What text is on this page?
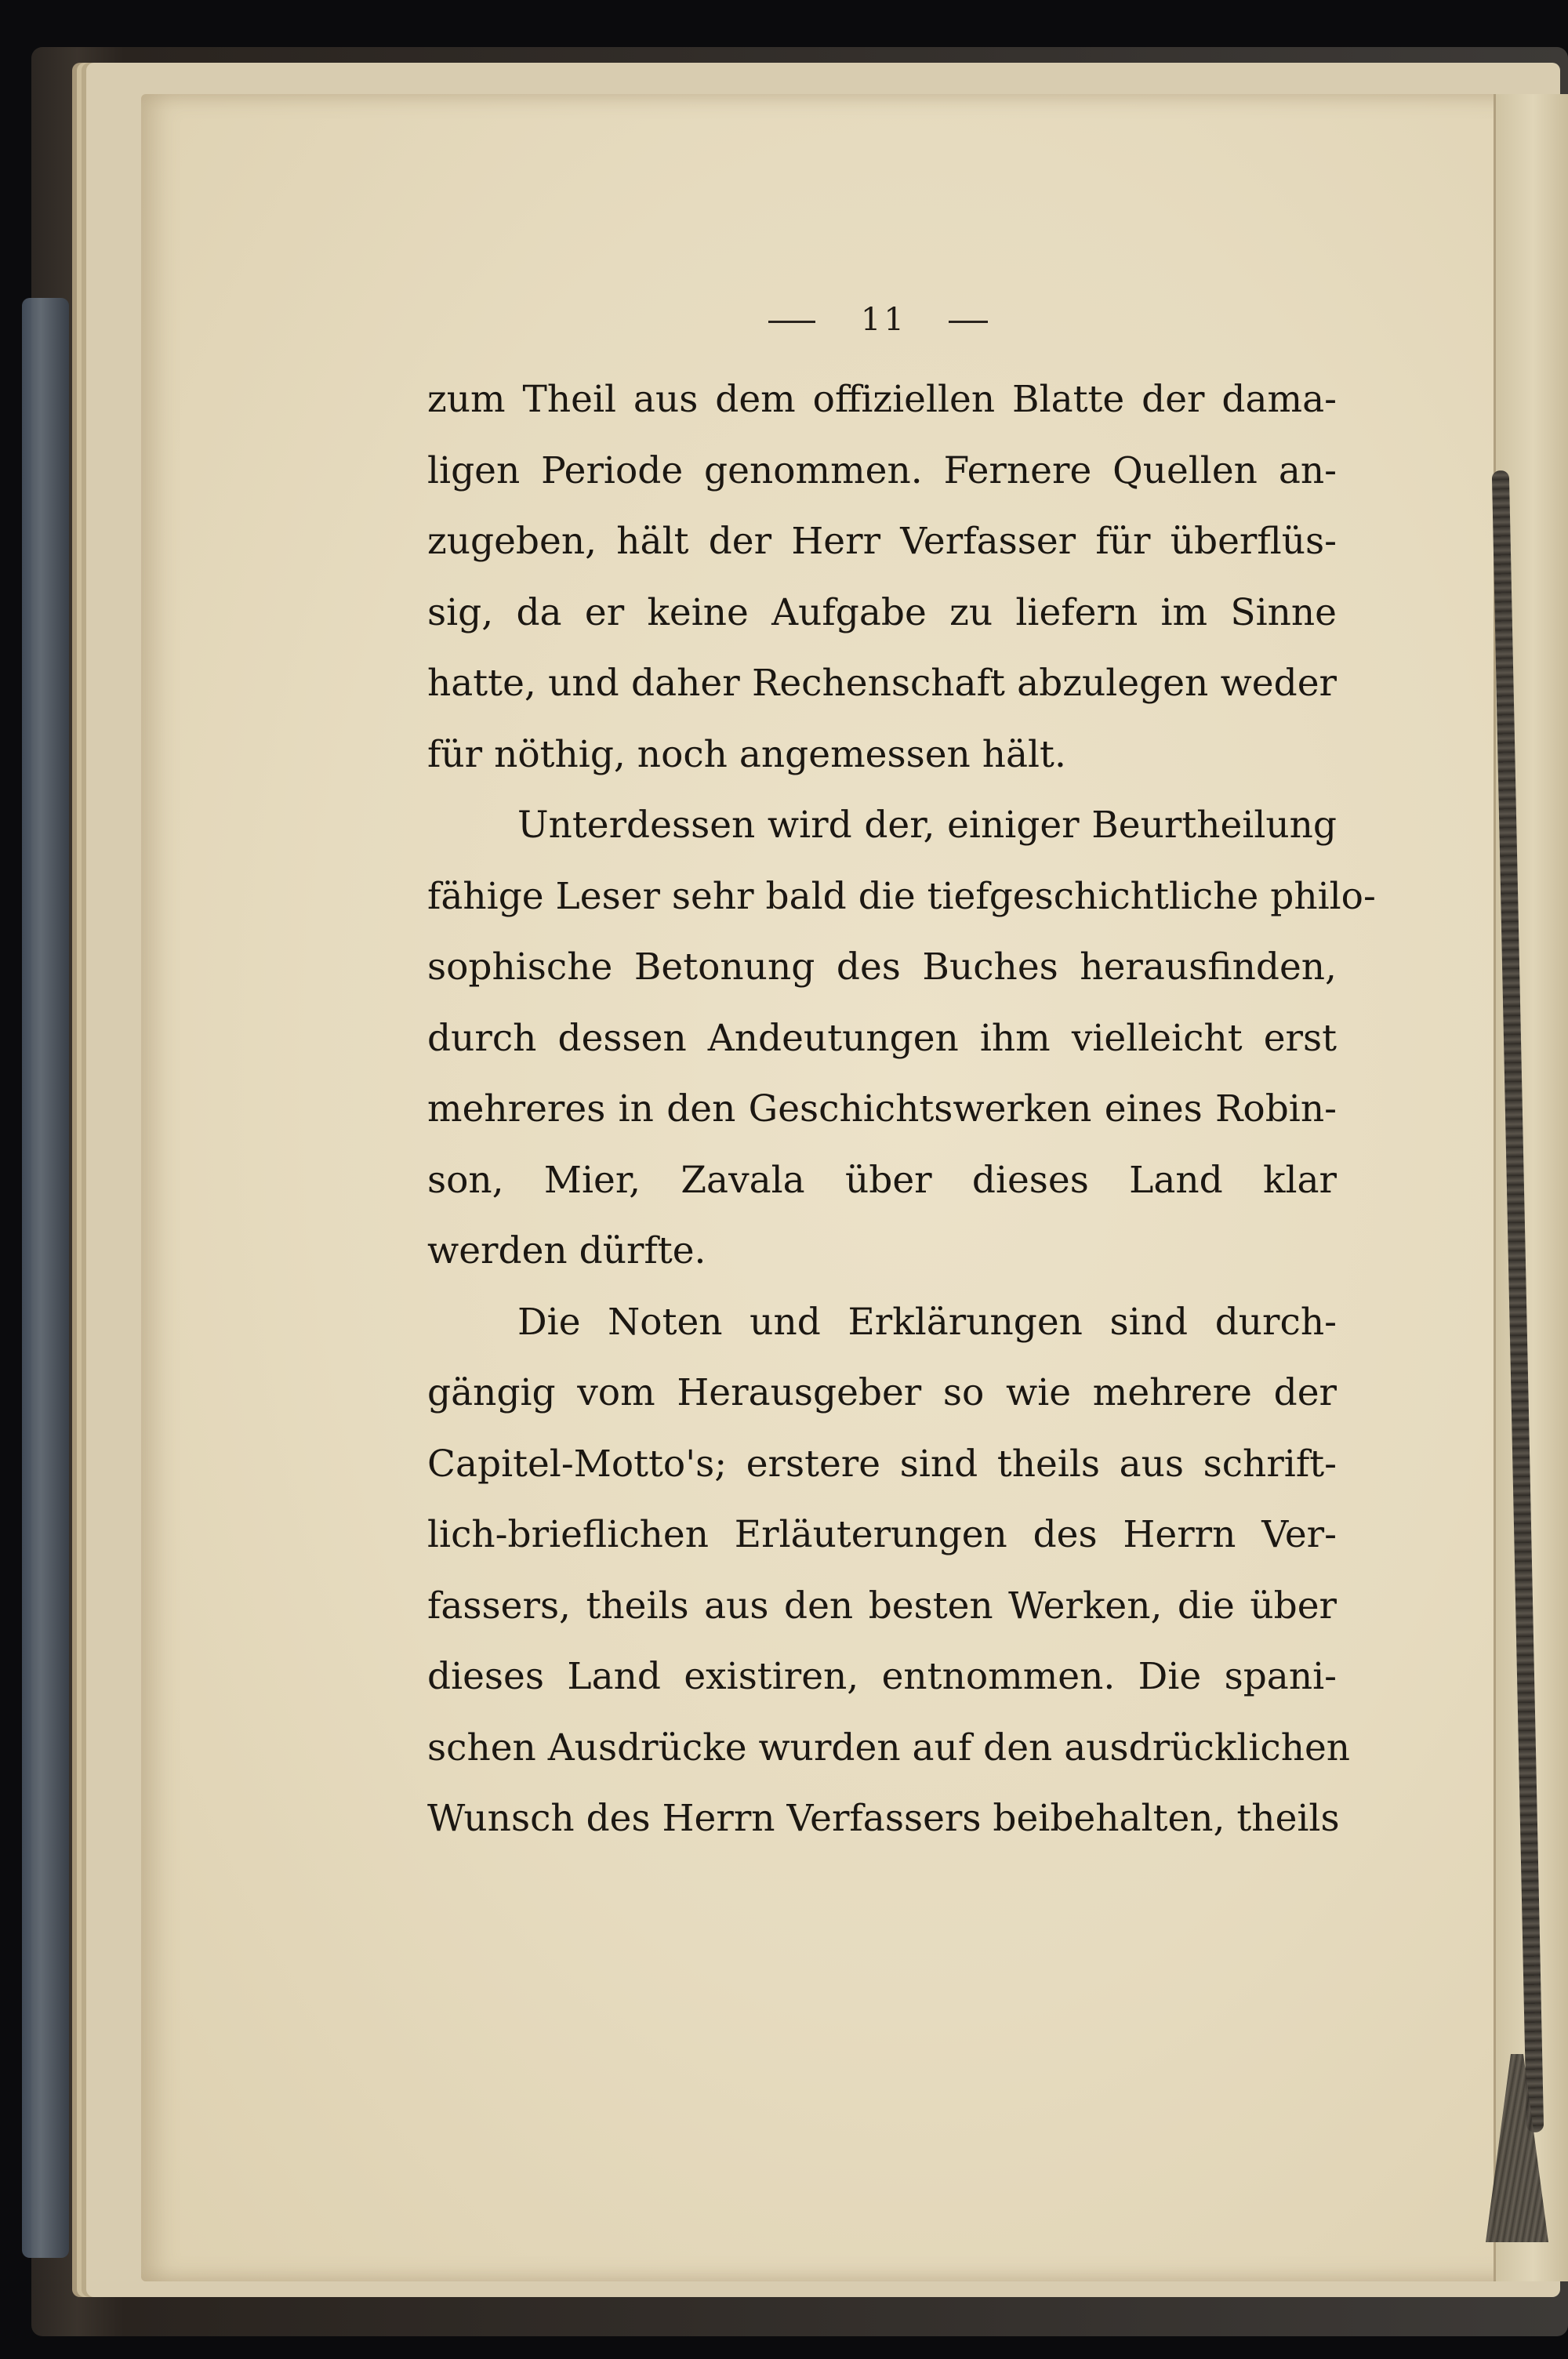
11
zum Theil aus dem offiziellen Blatte der dama-
ligen Periode genommen. Fernere Quellen an-
zugeben, hält der Herr Verfasser für überflüs-
sig, da er keine Aufgabe zu liefern im Sinne
hatte, und daher Rechenschaft abzulegen weder
für nöthig, noch angemessen hält.
Unterdessen wird der, einiger Beurtheilung
fähige Leser sehr bald die tiefgeschichtliche philo-
sophische Betonung des Buches herausfinden,
durch dessen Andeutungen ihm vielleicht erst
mehreres in den Geschichtswerken eines Robin-
son, Mier, Zavala über dieses Land klar
werden dürfte.
Die Noten und Erklärungen sind durch-
gängig vom Herausgeber so wie mehrere der
Capitel-Motto's; erstere sind theils aus schrift-
lich-brieflichen Erläuterungen des Herrn Ver-
fassers, theils aus den besten Werken, die über
dieses Land existiren, entnommen. Die spani-
schen Ausdrücke wurden auf den ausdrücklichen
Wunsch des Herrn Verfassers beibehalten, theils
